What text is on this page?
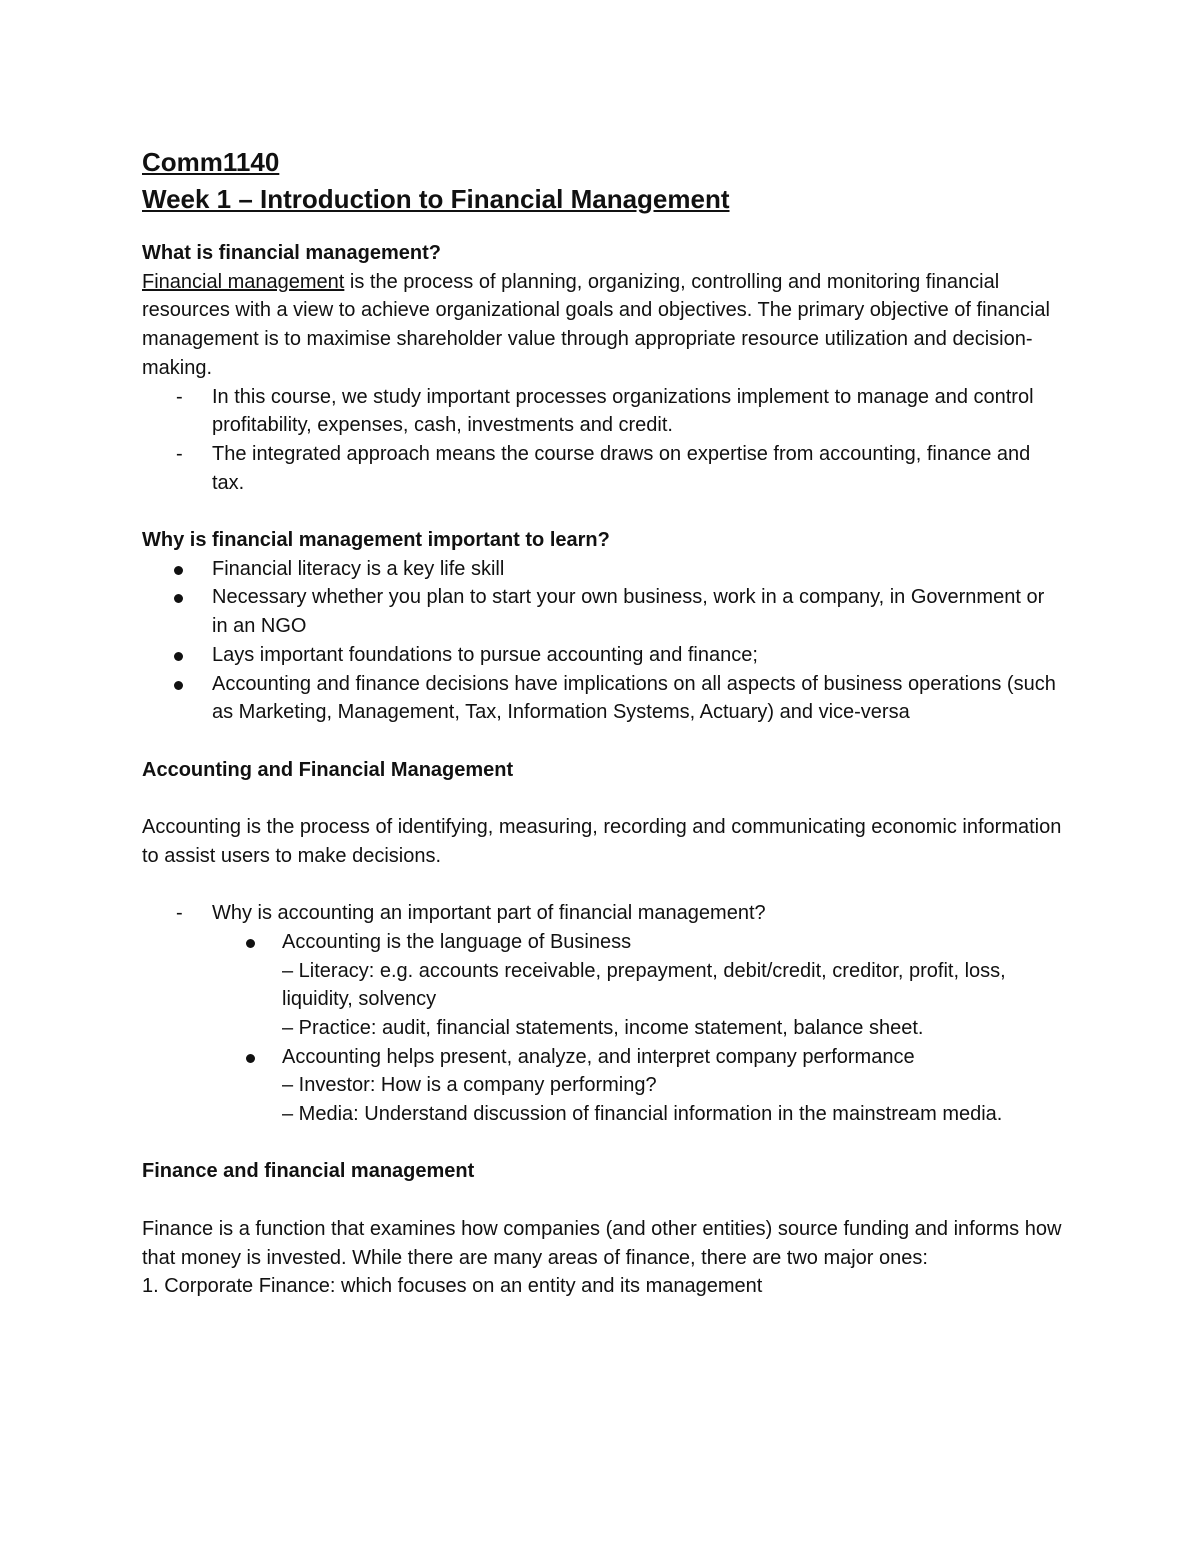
Comm1140
Week 1 – Introduction to Financial Management

What is financial management?

Financial management is the process of planning, organizing, controlling and monitoring financial resources with a view to achieve organizational goals and objectives. The primary objective of financial management is to maximise shareholder value through appropriate resource utilization and decision-making.

-	In this course, we study important processes organizations implement to manage and control profitability, expenses, cash, investments and credit.
-	The integrated approach means the course draws on expertise from accounting, finance and tax.

Why is financial management important to learn?

Financial literacy is a key life skill
Necessary whether you plan to start your own business, work in a company, in Government or in an NGO
Lays important foundations to pursue accounting and finance;
Accounting and finance decisions have implications on all aspects of business operations (such as Marketing, Management, Tax, Information Systems, Actuary) and vice-versa

Accounting and Financial Management

Accounting is the process of identifying, measuring, recording and communicating economic information to assist users to make decisions.

-	Why is accounting an important part of financial management?
Accounting is the language of Business
– Literacy: e.g. accounts receivable, prepayment, debit/credit, creditor, profit, loss, liquidity, solvency
– Practice: audit, financial statements, income statement, balance sheet.
Accounting helps present, analyze, and interpret company performance
– Investor: How is a company performing?
– Media: Understand discussion of financial information in the mainstream media.

Finance and financial management

Finance is a function that examines how companies (and other entities) source funding and informs how that money is invested. While there are many areas of finance, there are two major ones:

1. Corporate Finance: which focuses on an entity and its management
